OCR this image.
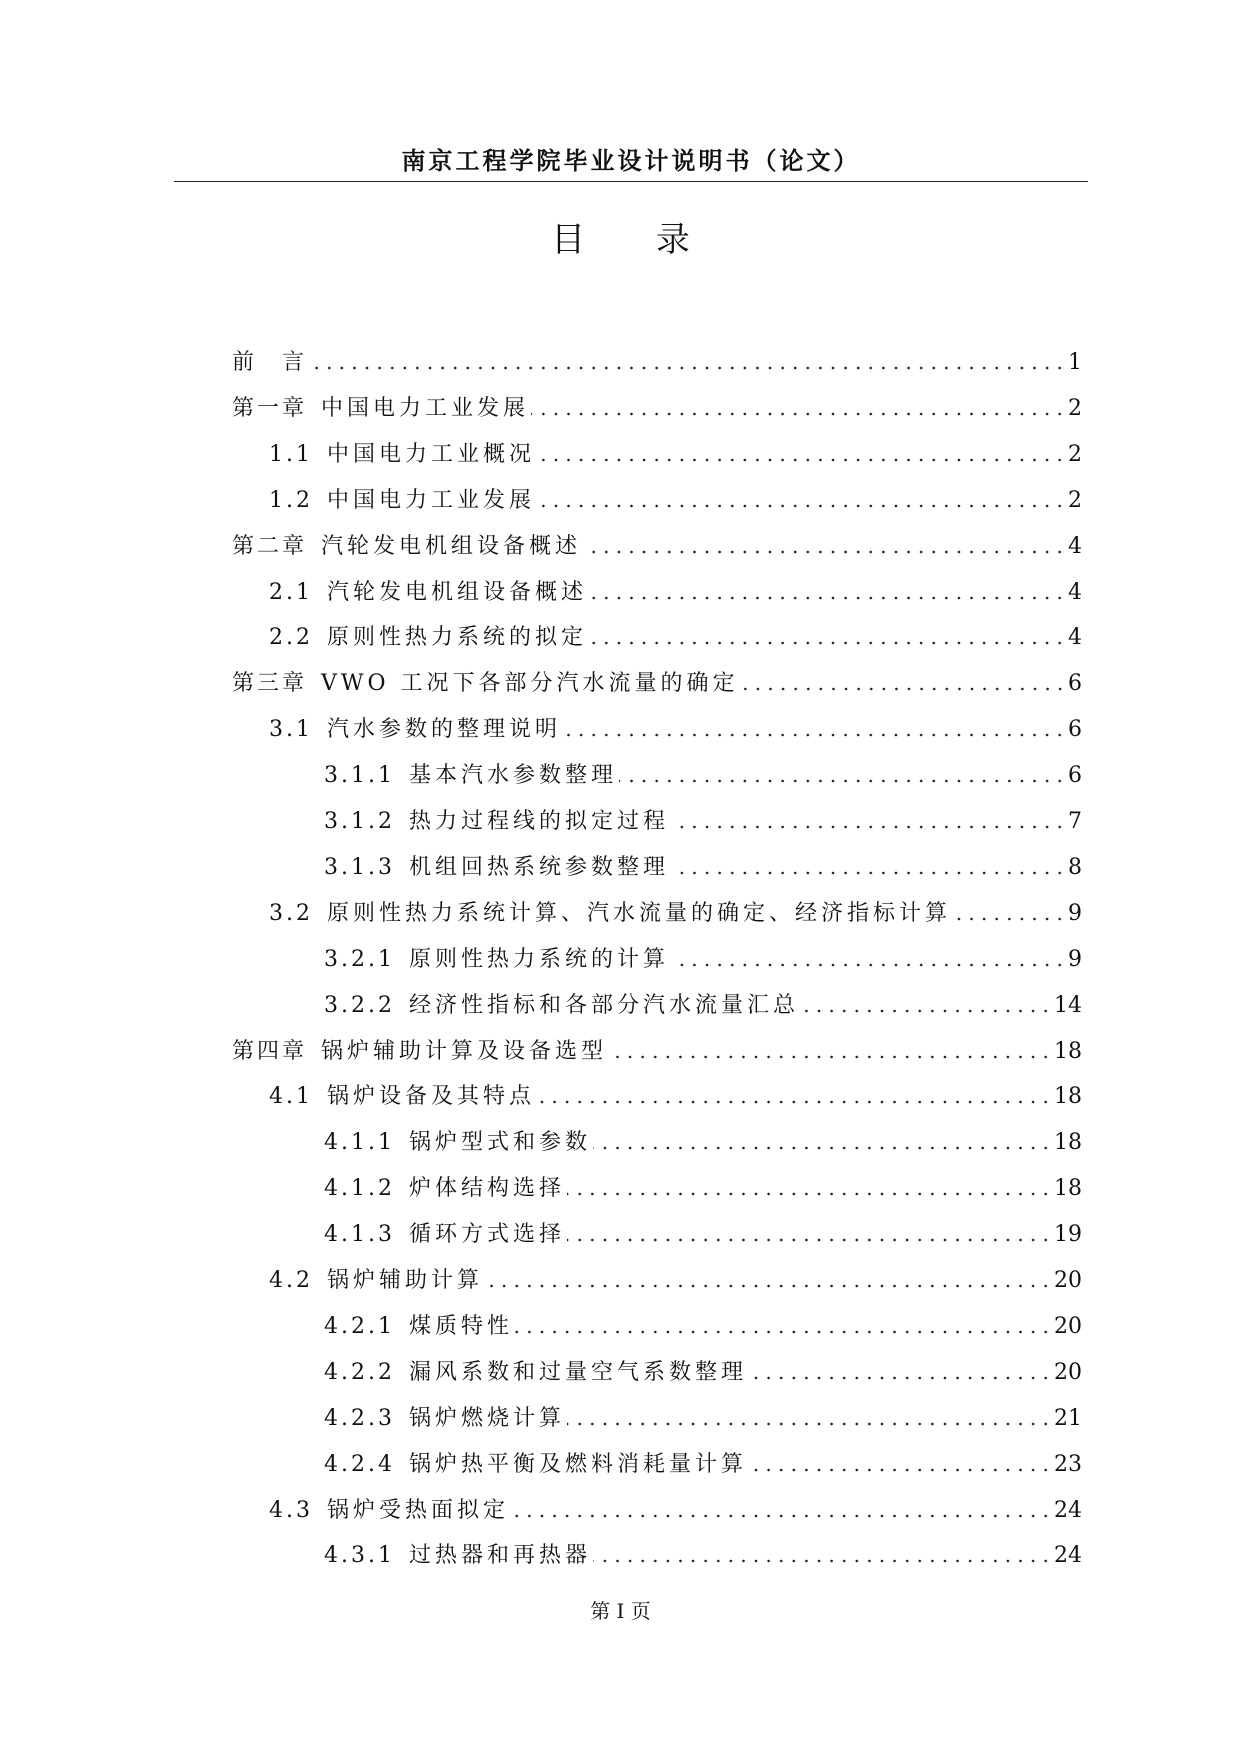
南京工程学院毕业设计说明书（论文）
目 录
前　言	1
第一章 中国电力工业发展	2
1.1 中国电力工业概况	2
1.2 中国电力工业发展	2
第二章 汽轮发电机组设备概述	4
2.1 汽轮发电机组设备概述	4
2.2 原则性热力系统的拟定	4
第三章 VWO 工况下各部分汽水流量的确定	6
3.1 汽水参数的整理说明	6
3.1.1 基本汽水参数整理	6
3.1.2 热力过程线的拟定过程	7
3.1.3 机组回热系统参数整理	8
3.2 原则性热力系统计算、汽水流量的确定、经济指标计算	9
3.2.1 原则性热力系统的计算	9
3.2.2 经济性指标和各部分汽水流量汇总	14
第四章 锅炉辅助计算及设备选型	18
4.1 锅炉设备及其特点	18
4.1.1 锅炉型式和参数	18
4.1.2 炉体结构选择	18
4.1.3 循环方式选择	19
4.2 锅炉辅助计算	20
4.2.1 煤质特性	20
4.2.2 漏风系数和过量空气系数整理	20
4.2.3 锅炉燃烧计算	21
4.2.4 锅炉热平衡及燃料消耗量计算	23
4.3 锅炉受热面拟定	24
4.3.1 过热器和再热器	24
第 I 页
